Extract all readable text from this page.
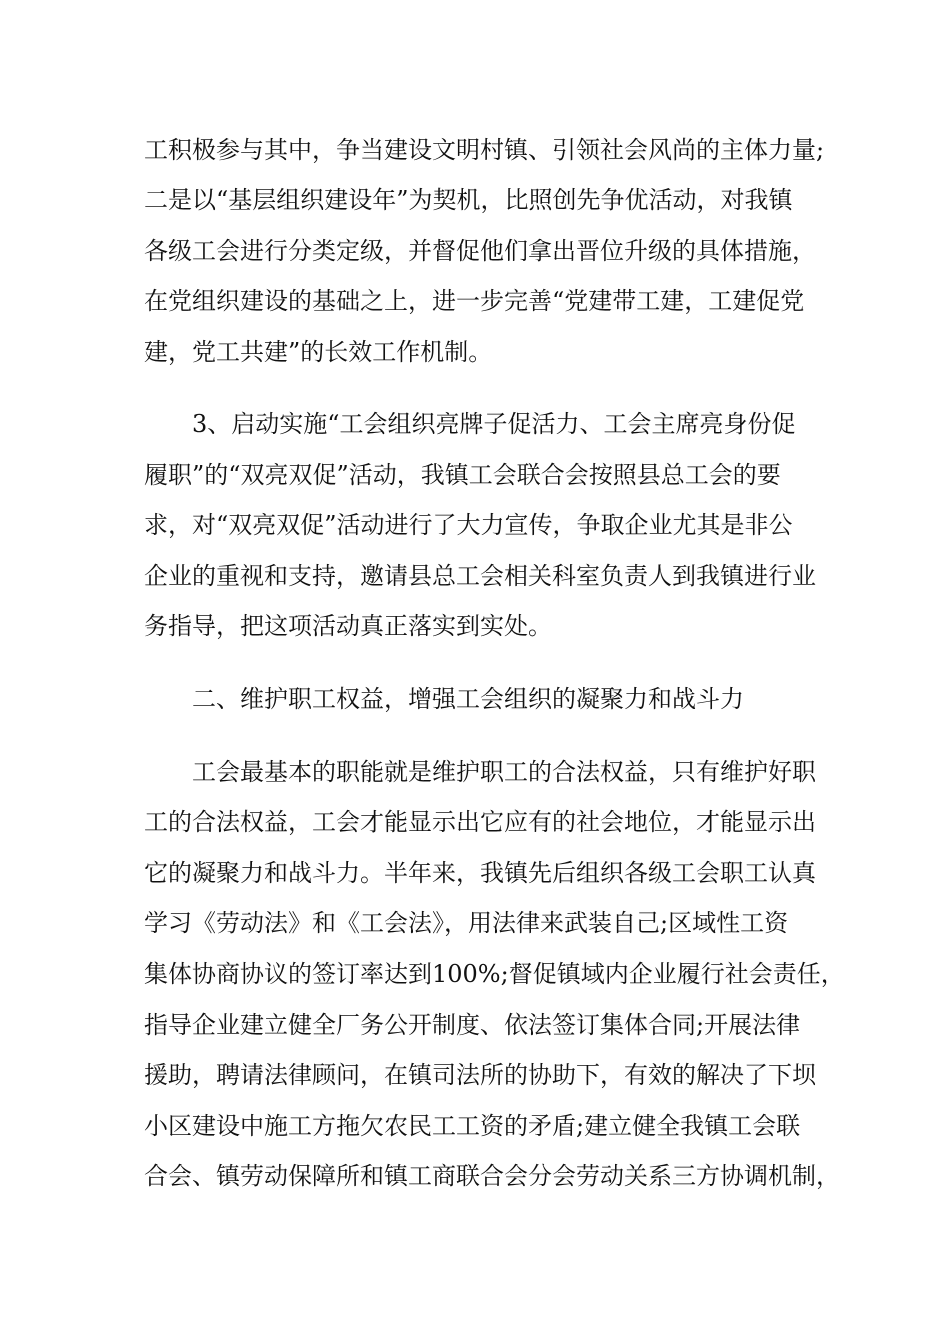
工积极参与其中，争当建设文明村镇、引领社会风尚的主体力量;
二是以“基层组织建设年”为契机，比照创先争优活动，对我镇
各级工会进行分类定级，并督促他们拿出晋位升级的具体措施，
在党组织建设的基础之上，进一步完善“党建带工建，工建促党
建，党工共建”的长效工作机制。
3、启动实施“工会组织亮牌子促活力、工会主席亮身份促
履职”的“双亮双促”活动，我镇工会联合会按照县总工会的要
求，对“双亮双促”活动进行了大力宣传，争取企业尤其是非公
企业的重视和支持，邀请县总工会相关科室负责人到我镇进行业
务指导，把这项活动真正落实到实处。
二、维护职工权益，增强工会组织的凝聚力和战斗力
工会最基本的职能就是维护职工的合法权益，只有维护好职
工的合法权益，工会才能显示出它应有的社会地位，才能显示出
它的凝聚力和战斗力。半年来，我镇先后组织各级工会职工认真
学习《劳动法》和《工会法》，用法律来武装自己;区域性工资
集体协商协议的签订率达到100%;督促镇域内企业履行社会责任，
指导企业建立健全厂务公开制度、依法签订集体合同;开展法律
援助，聘请法律顾问，在镇司法所的协助下，有效的解决了下坝
小区建设中施工方拖欠农民工工资的矛盾;建立健全我镇工会联
合会、镇劳动保障所和镇工商联合会分会劳动关系三方协调机制，
